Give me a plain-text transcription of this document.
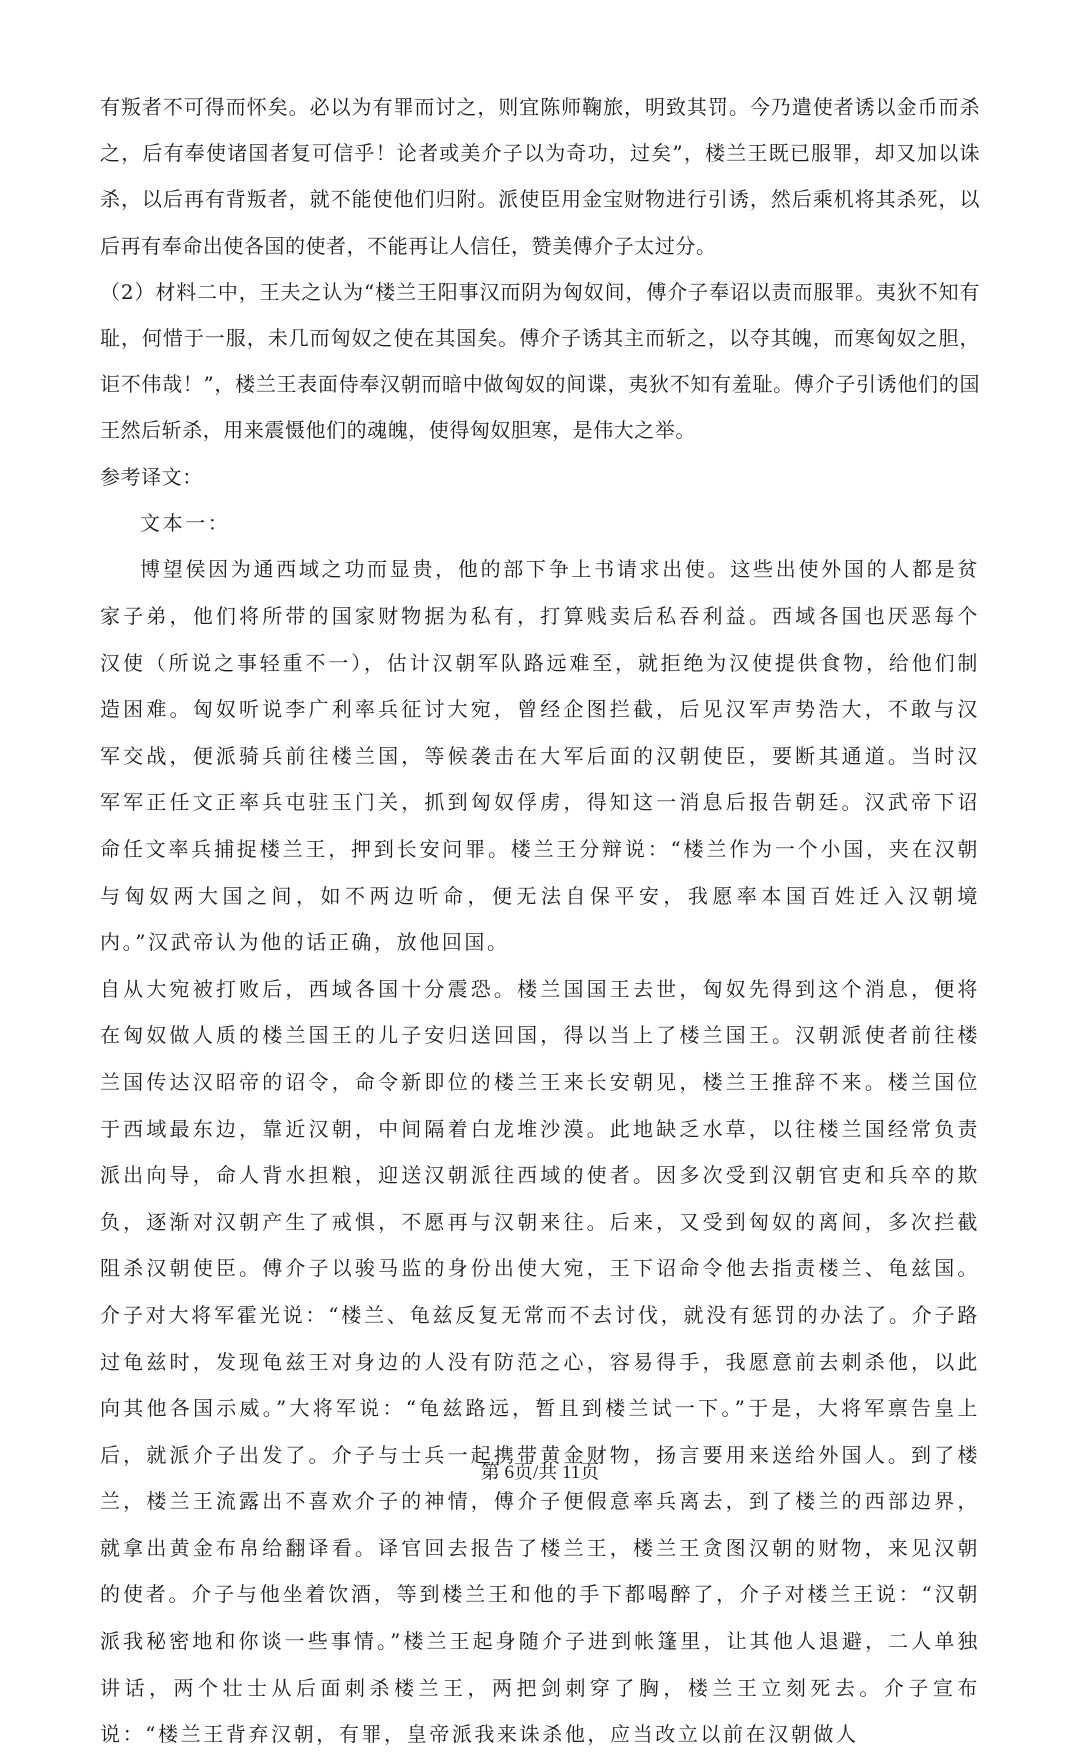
有叛者不可得而怀矣。必以为有罪而讨之，则宜陈师鞠旅，明致其罚。今乃遣使者诱以金币而杀之，后有奉使诸国者复可信乎！论者或美介子以为奇功，过矣”，楼兰王既已服罪，却又加以诛杀，以后再有背叛者，就不能使他们归附。派使臣用金宝财物进行引诱，然后乘机将其杀死，以后再有奉命出使各国的使者，不能再让人信任，赞美傅介子太过分。

（2）材料二中，王夫之认为“楼兰王阳事汉而阴为匈奴间，傅介子奉诏以责而服罪。夷狄不知有耻，何惜于一服，未几而匈奴之使在其国矣。傅介子诱其主而斩之，以夺其魄，而寒匈奴之胆，讵不伟哉！”，楼兰王表面侍奉汉朝而暗中做匈奴的间谍，夷狄不知有羞耻。傅介子引诱他们的国王然后斩杀，用来震慑他们的魂魄，使得匈奴胆寒，是伟大之举。

参考译文：

文本一：

博望侯因为通西域之功而显贵，他的部下争上书请求出使。这些出使外国的人都是贫家子弟，他们将所带的国家财物据为私有，打算贱卖后私吞利益。西域各国也厌恶每个汉使（所说之事轻重不一），估计汉朝军队路远难至，就拒绝为汉使提供食物，给他们制造困难。匈奴听说李广利率兵征讨大宛，曾经企图拦截，后见汉军声势浩大，不敢与汉军交战，便派骑兵前往楼兰国，等候袭击在大军后面的汉朝使臣，要断其通道。当时汉军军正任文正率兵屯驻玉门关，抓到匈奴俘虏，得知这一消息后报告朝廷。汉武帝下诏命任文率兵捕捉楼兰王，押到长安问罪。楼兰王分辩说：“楼兰作为一个小国，夹在汉朝与匈奴两大国之间，如不两边听命，便无法自保平安，我愿率本国百姓迁入汉朝境内。”汉武帝认为他的话正确，放他回国。

自从大宛被打败后，西域各国十分震恐。楼兰国国王去世，匈奴先得到这个消息，便将在匈奴做人质的楼兰国王的儿子安归送回国，得以当上了楼兰国王。汉朝派使者前往楼兰国传达汉昭帝的诏令，命令新即位的楼兰王来长安朝见，楼兰王推辞不来。楼兰国位于西域最东边，靠近汉朝，中间隔着白龙堆沙漠。此地缺乏水草，以往楼兰国经常负责派出向导，命人背水担粮，迎送汉朝派往西域的使者。因多次受到汉朝官吏和兵卒的欺负，逐渐对汉朝产生了戒惧，不愿再与汉朝来往。后来，又受到匈奴的离间，多次拦截阻杀汉朝使臣。傅介子以骏马监的身份出使大宛，王下诏命令他去指责楼兰、龟兹国。介子对大将军霍光说：“楼兰、龟兹反复无常而不去讨伐，就没有惩罚的办法了。介子路过龟兹时，发现龟兹王对身边的人没有防范之心，容易得手，我愿意前去刺杀他，以此向其他各国示威。”大将军说：“龟兹路远，暂且到楼兰试一下。”于是，大将军禀告皇上后，就派介子出发了。介子与士兵一起携带黄金财物，扬言要用来送给外国人。到了楼兰，楼兰王流露出不喜欢介子的神情，傅介子便假意率兵离去，到了楼兰的西部边界，就拿出黄金布帛给翻译看。译官回去报告了楼兰王，楼兰王贪图汉朝的财物，来见汉朝的使者。介子与他坐着饮酒，等到楼兰王和他的手下都喝醉了，介子对楼兰王说：“汉朝派我秘密地和你谈一些事情。”楼兰王起身随介子进到帐篷里，让其他人退避，二人单独讲话，两个壮士从后面刺杀楼兰王，两把剑刺穿了胸，楼兰王立刻死去。介子宣布说：“楼兰王背弃汉朝，有罪，皇帝派我来诛杀他，应当改立以前在汉朝做人

第 6页/共 11页
